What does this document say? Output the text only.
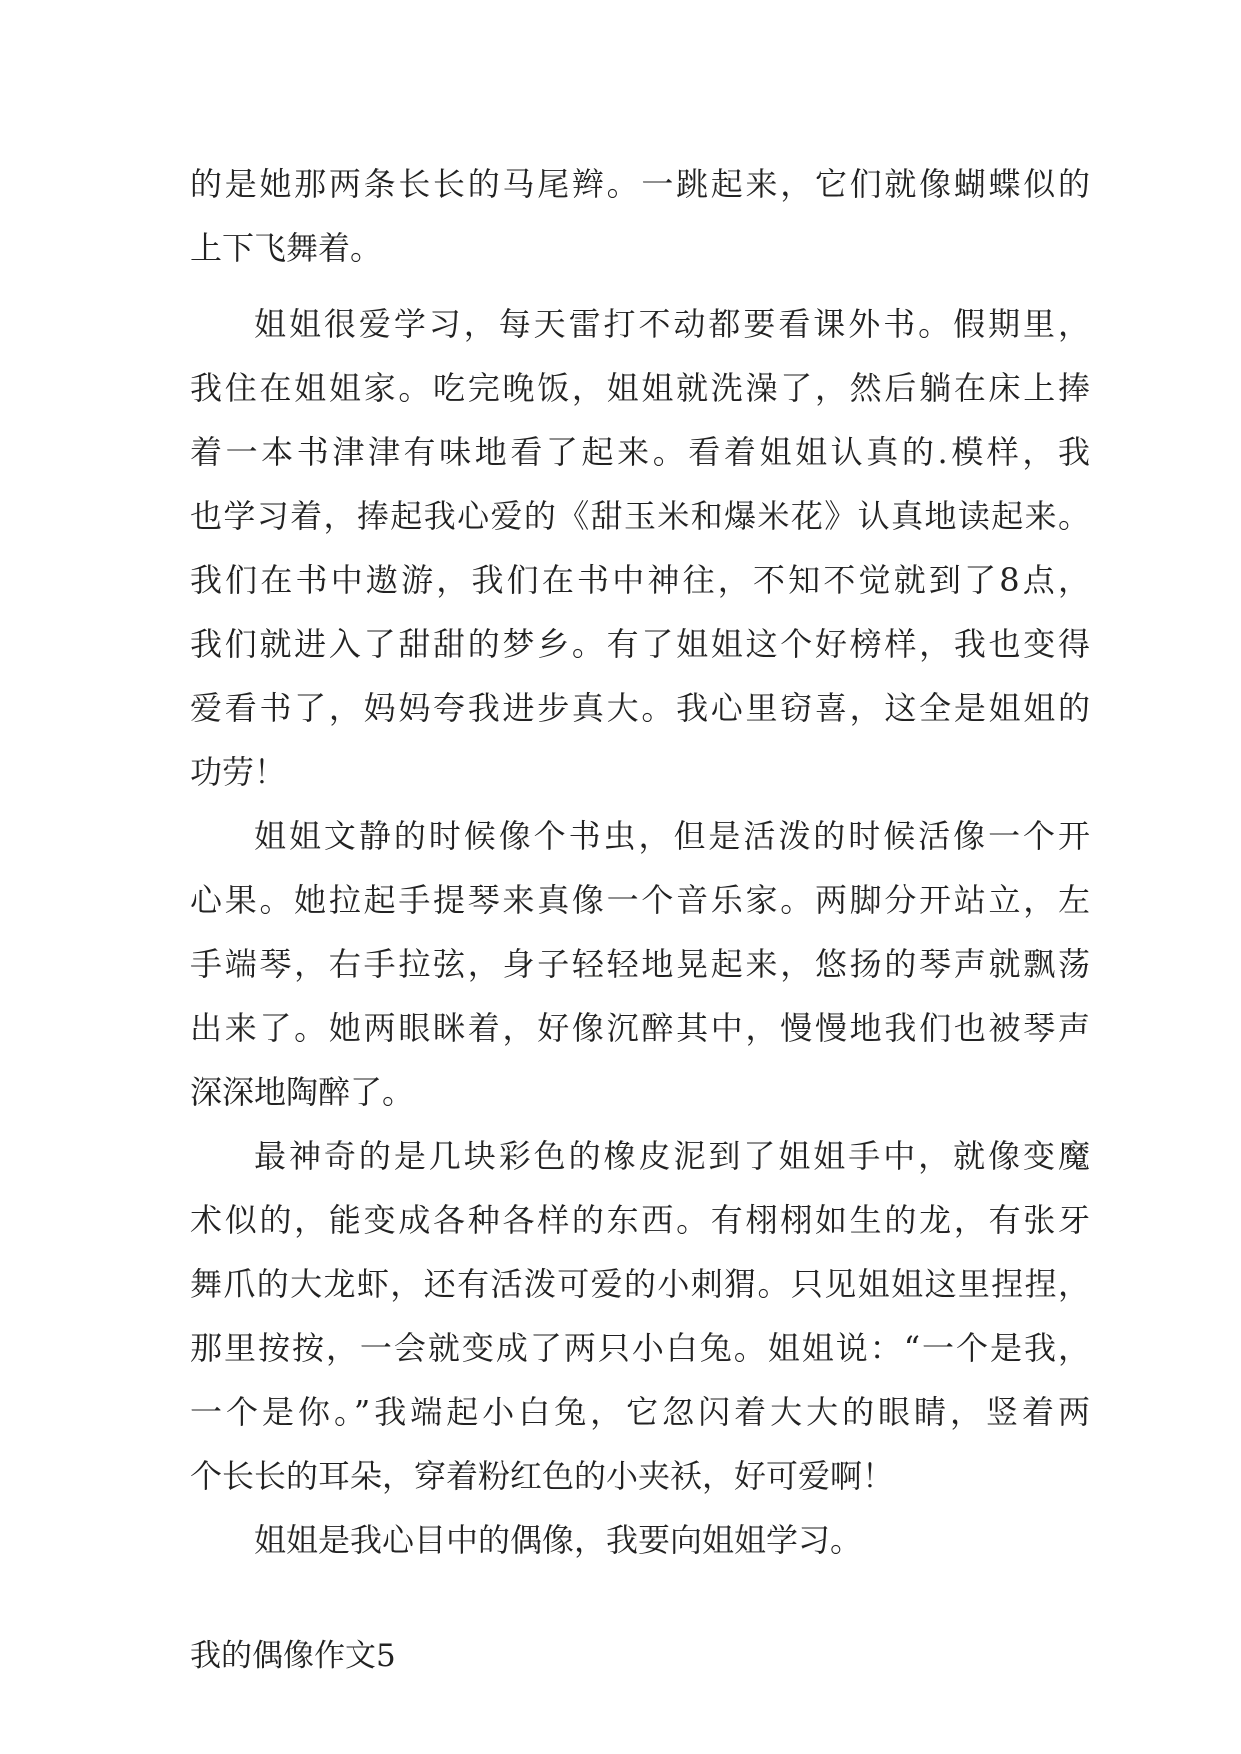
的是她那两条长长的马尾辫。一跳起来，它们就像蝴蝶似的
上下飞舞着。
姐姐很爱学习，每天雷打不动都要看课外书。假期里，
我住在姐姐家。吃完晚饭，姐姐就洗澡了，然后躺在床上捧
着一本书津津有味地看了起来。看着姐姐认真的.模样，我
也学习着，捧起我心爱的《甜玉米和爆米花》认真地读起来。
我们在书中遨游，我们在书中神往，不知不觉就到了8点，
我们就进入了甜甜的梦乡。有了姐姐这个好榜样，我也变得
爱看书了，妈妈夸我进步真大。我心里窃喜，这全是姐姐的
功劳！
姐姐文静的时候像个书虫，但是活泼的时候活像一个开
心果。她拉起手提琴来真像一个音乐家。两脚分开站立，左
手端琴，右手拉弦，身子轻轻地晃起来，悠扬的琴声就飘荡
出来了。她两眼眯着，好像沉醉其中，慢慢地我们也被琴声
深深地陶醉了。
最神奇的是几块彩色的橡皮泥到了姐姐手中，就像变魔
术似的，能变成各种各样的东西。有栩栩如生的龙，有张牙
舞爪的大龙虾，还有活泼可爱的小刺猬。只见姐姐这里捏捏，
那里按按，一会就变成了两只小白兔。姐姐说：“一个是我，
一个是你。”我端起小白兔，它忽闪着大大的眼睛，竖着两
个长长的耳朵，穿着粉红色的小夹袄，好可爱啊！
姐姐是我心目中的偶像，我要向姐姐学习。
我的偶像作文5
